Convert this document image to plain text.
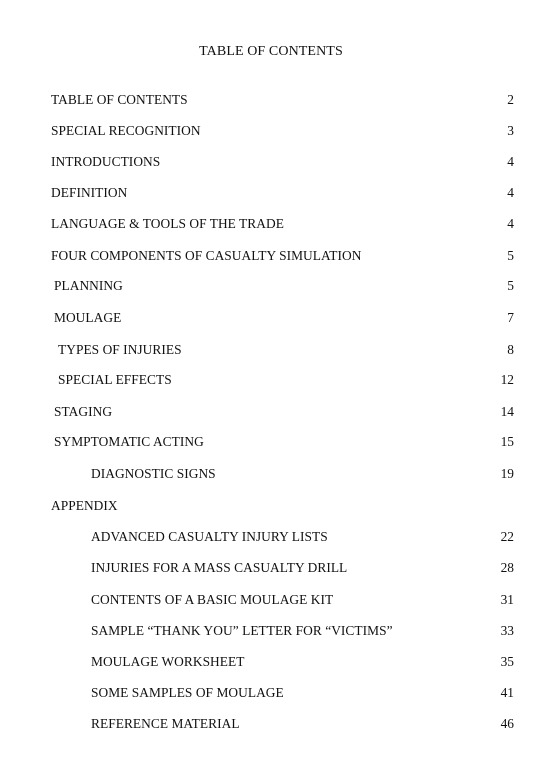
TABLE OF CONTENTS
TABLE OF CONTENTS	2
SPECIAL RECOGNITION	3
INTRODUCTIONS	4
DEFINITION	4
LANGUAGE & TOOLS OF THE TRADE	4
FOUR COMPONENTS OF CASUALTY SIMULATION	5
PLANNING	5
MOULAGE	7
TYPES OF INJURIES	8
SPECIAL EFFECTS	12
STAGING	14
SYMPTOMATIC ACTING	15
DIAGNOSTIC SIGNS	19
APPENDIX
ADVANCED CASUALTY INJURY LISTS	22
INJURIES FOR A MASS CASUALTY DRILL	28
CONTENTS OF A BASIC MOULAGE KIT	31
SAMPLE “THANK YOU” LETTER FOR “VICTIMS”	33
MOULAGE WORKSHEET	35
SOME SAMPLES OF MOULAGE	41
REFERENCE MATERIAL	46
